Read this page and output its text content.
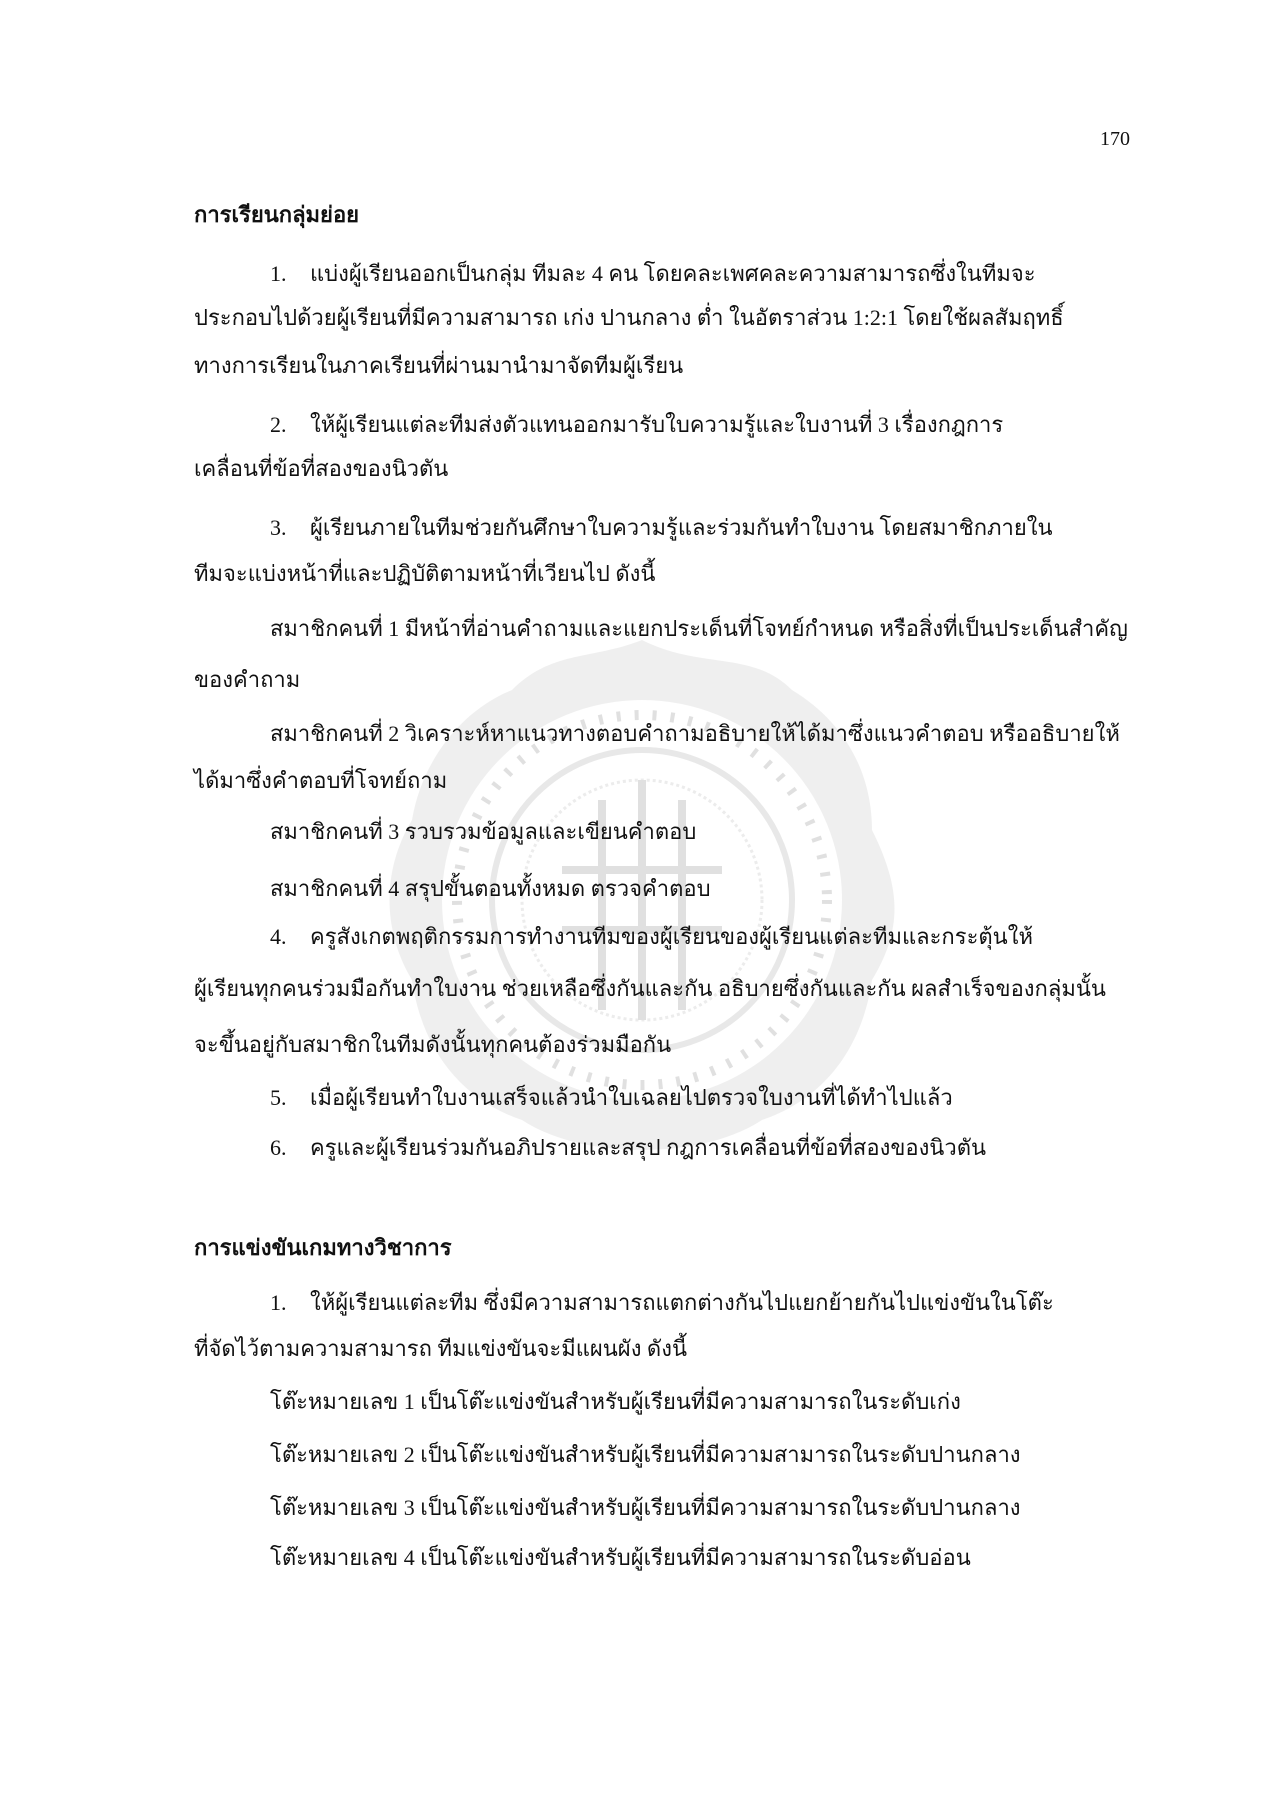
170
การเรียนกลุ่มย่อย
1. แบ่งผู้เรียนออกเป็นกลุ่ม ทีมละ 4 คน โดยคละเพศคละความสามารถซึ่งในทีมจะ
ประกอบไปด้วยผู้เรียนที่มีความสามารถ เก่ง ปานกลาง ต่ำ ในอัตราส่วน 1:2:1 โดยใช้ผลสัมฤทธิ์
ทางการเรียนในภาคเรียนที่ผ่านมานำมาจัดทีมผู้เรียน
2. ให้ผู้เรียนแต่ละทีมส่งตัวแทนออกมารับใบความรู้และใบงานที่ 3 เรื่องกฎการ
เคลื่อนที่ข้อที่สองของนิวตัน
3. ผู้เรียนภายในทีมช่วยกันศึกษาใบความรู้และร่วมกันทำใบงาน โดยสมาชิกภายใน
ทีมจะแบ่งหน้าที่และปฏิบัติตามหน้าที่เวียนไป ดังนี้
สมาชิกคนที่ 1 มีหน้าที่อ่านคำถามและแยกประเด็นที่โจทย์กำหนด หรือสิ่งที่เป็นประเด็นสำคัญ
ของคำถาม
สมาชิกคนที่ 2 วิเคราะห์หาแนวทางตอบคำถามอธิบายให้ได้มาซึ่งแนวคำตอบ หรืออธิบายให้
ได้มาซึ่งคำตอบที่โจทย์ถาม
สมาชิกคนที่ 3 รวบรวมข้อมูลและเขียนคำตอบ
สมาชิกคนที่ 4 สรุปขั้นตอนทั้งหมด ตรวจคำตอบ
4. ครูสังเกตพฤติกรรมการทำงานทีมของผู้เรียนของผู้เรียนแต่ละทีมและกระตุ้นให้
ผู้เรียนทุกคนร่วมมือกันทำใบงาน ช่วยเหลือซึ่งกันและกัน อธิบายซึ่งกันและกัน ผลสำเร็จของกลุ่มนั้น
จะขึ้นอยู่กับสมาชิกในทีมดังนั้นทุกคนต้องร่วมมือกัน
5. เมื่อผู้เรียนทำใบงานเสร็จแล้วนำใบเฉลยไปตรวจใบงานที่ได้ทำไปแล้ว
6. ครูและผู้เรียนร่วมกันอภิปรายและสรุป กฎการเคลื่อนที่ข้อที่สองของนิวตัน
การแข่งขันเกมทางวิชาการ
1. ให้ผู้เรียนแต่ละทีม ซึ่งมีความสามารถแตกต่างกันไปแยกย้ายกันไปแข่งขันในโต๊ะ
ที่จัดไว้ตามความสามารถ ทีมแข่งขันจะมีแผนผัง ดังนี้
โต๊ะหมายเลข 1 เป็นโต๊ะแข่งขันสำหรับผู้เรียนที่มีความสามารถในระดับเก่ง
โต๊ะหมายเลข 2 เป็นโต๊ะแข่งขันสำหรับผู้เรียนที่มีความสามารถในระดับปานกลาง
โต๊ะหมายเลข 3 เป็นโต๊ะแข่งขันสำหรับผู้เรียนที่มีความสามารถในระดับปานกลาง
โต๊ะหมายเลข 4 เป็นโต๊ะแข่งขันสำหรับผู้เรียนที่มีความสามารถในระดับอ่อน
